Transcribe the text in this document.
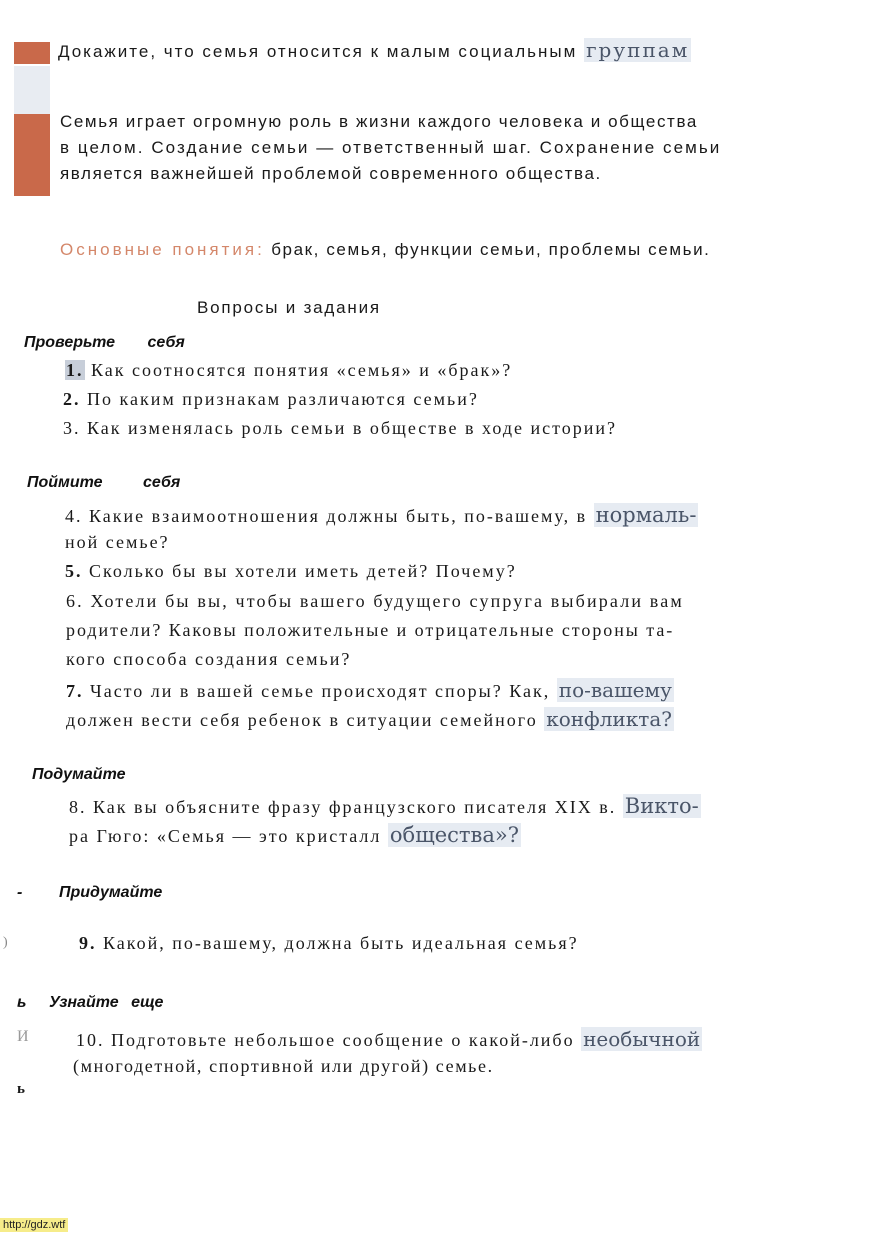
Докажите, что семья относится к малым социальным группам
Семья играет огромную роль в жизни каждого человека и общества
в целом. Создание семьи — ответственный шаг. Сохранение семьи
является важнейшей проблемой современного общества.
Основные понятия: брак, семья, функции семьи, проблемы семьи.
Вопросы и задания
Проверьте себя
1. Как соотносятся понятия «семья» и «брак»?
2. По каким признакам различаются семьи?
3. Как изменялась роль семьи в обществе в ходе истории?
Поймите себя
4. Какие взаимоотношения должны быть, по-вашему, в нормаль-
ной семье?
5. Сколько бы вы хотели иметь детей? Почему?
6. Хотели бы вы, чтобы вашего будущего супруга выбирали вам
родители? Каковы положительные и отрицательные стороны та-
кого способа создания семьи?
7. Часто ли в вашей семье происходят споры? Как, по-вашему
должен вести себя ребенок в ситуации семейного конфликта?
Подумайте
8. Как вы объясните фразу французского писателя XIX в. Викто-
ра Гюго: «Семья — это кристалл общества»?
- Придумайте
)	9. Какой, по-вашему, должна быть идеальная семья?
ь Узнайте еще
И	10. Подготовьте небольшое сообщение о какой-либо необычной
(многодетной, спортивной или другой) семье.
ь
http://gdz.wtf
